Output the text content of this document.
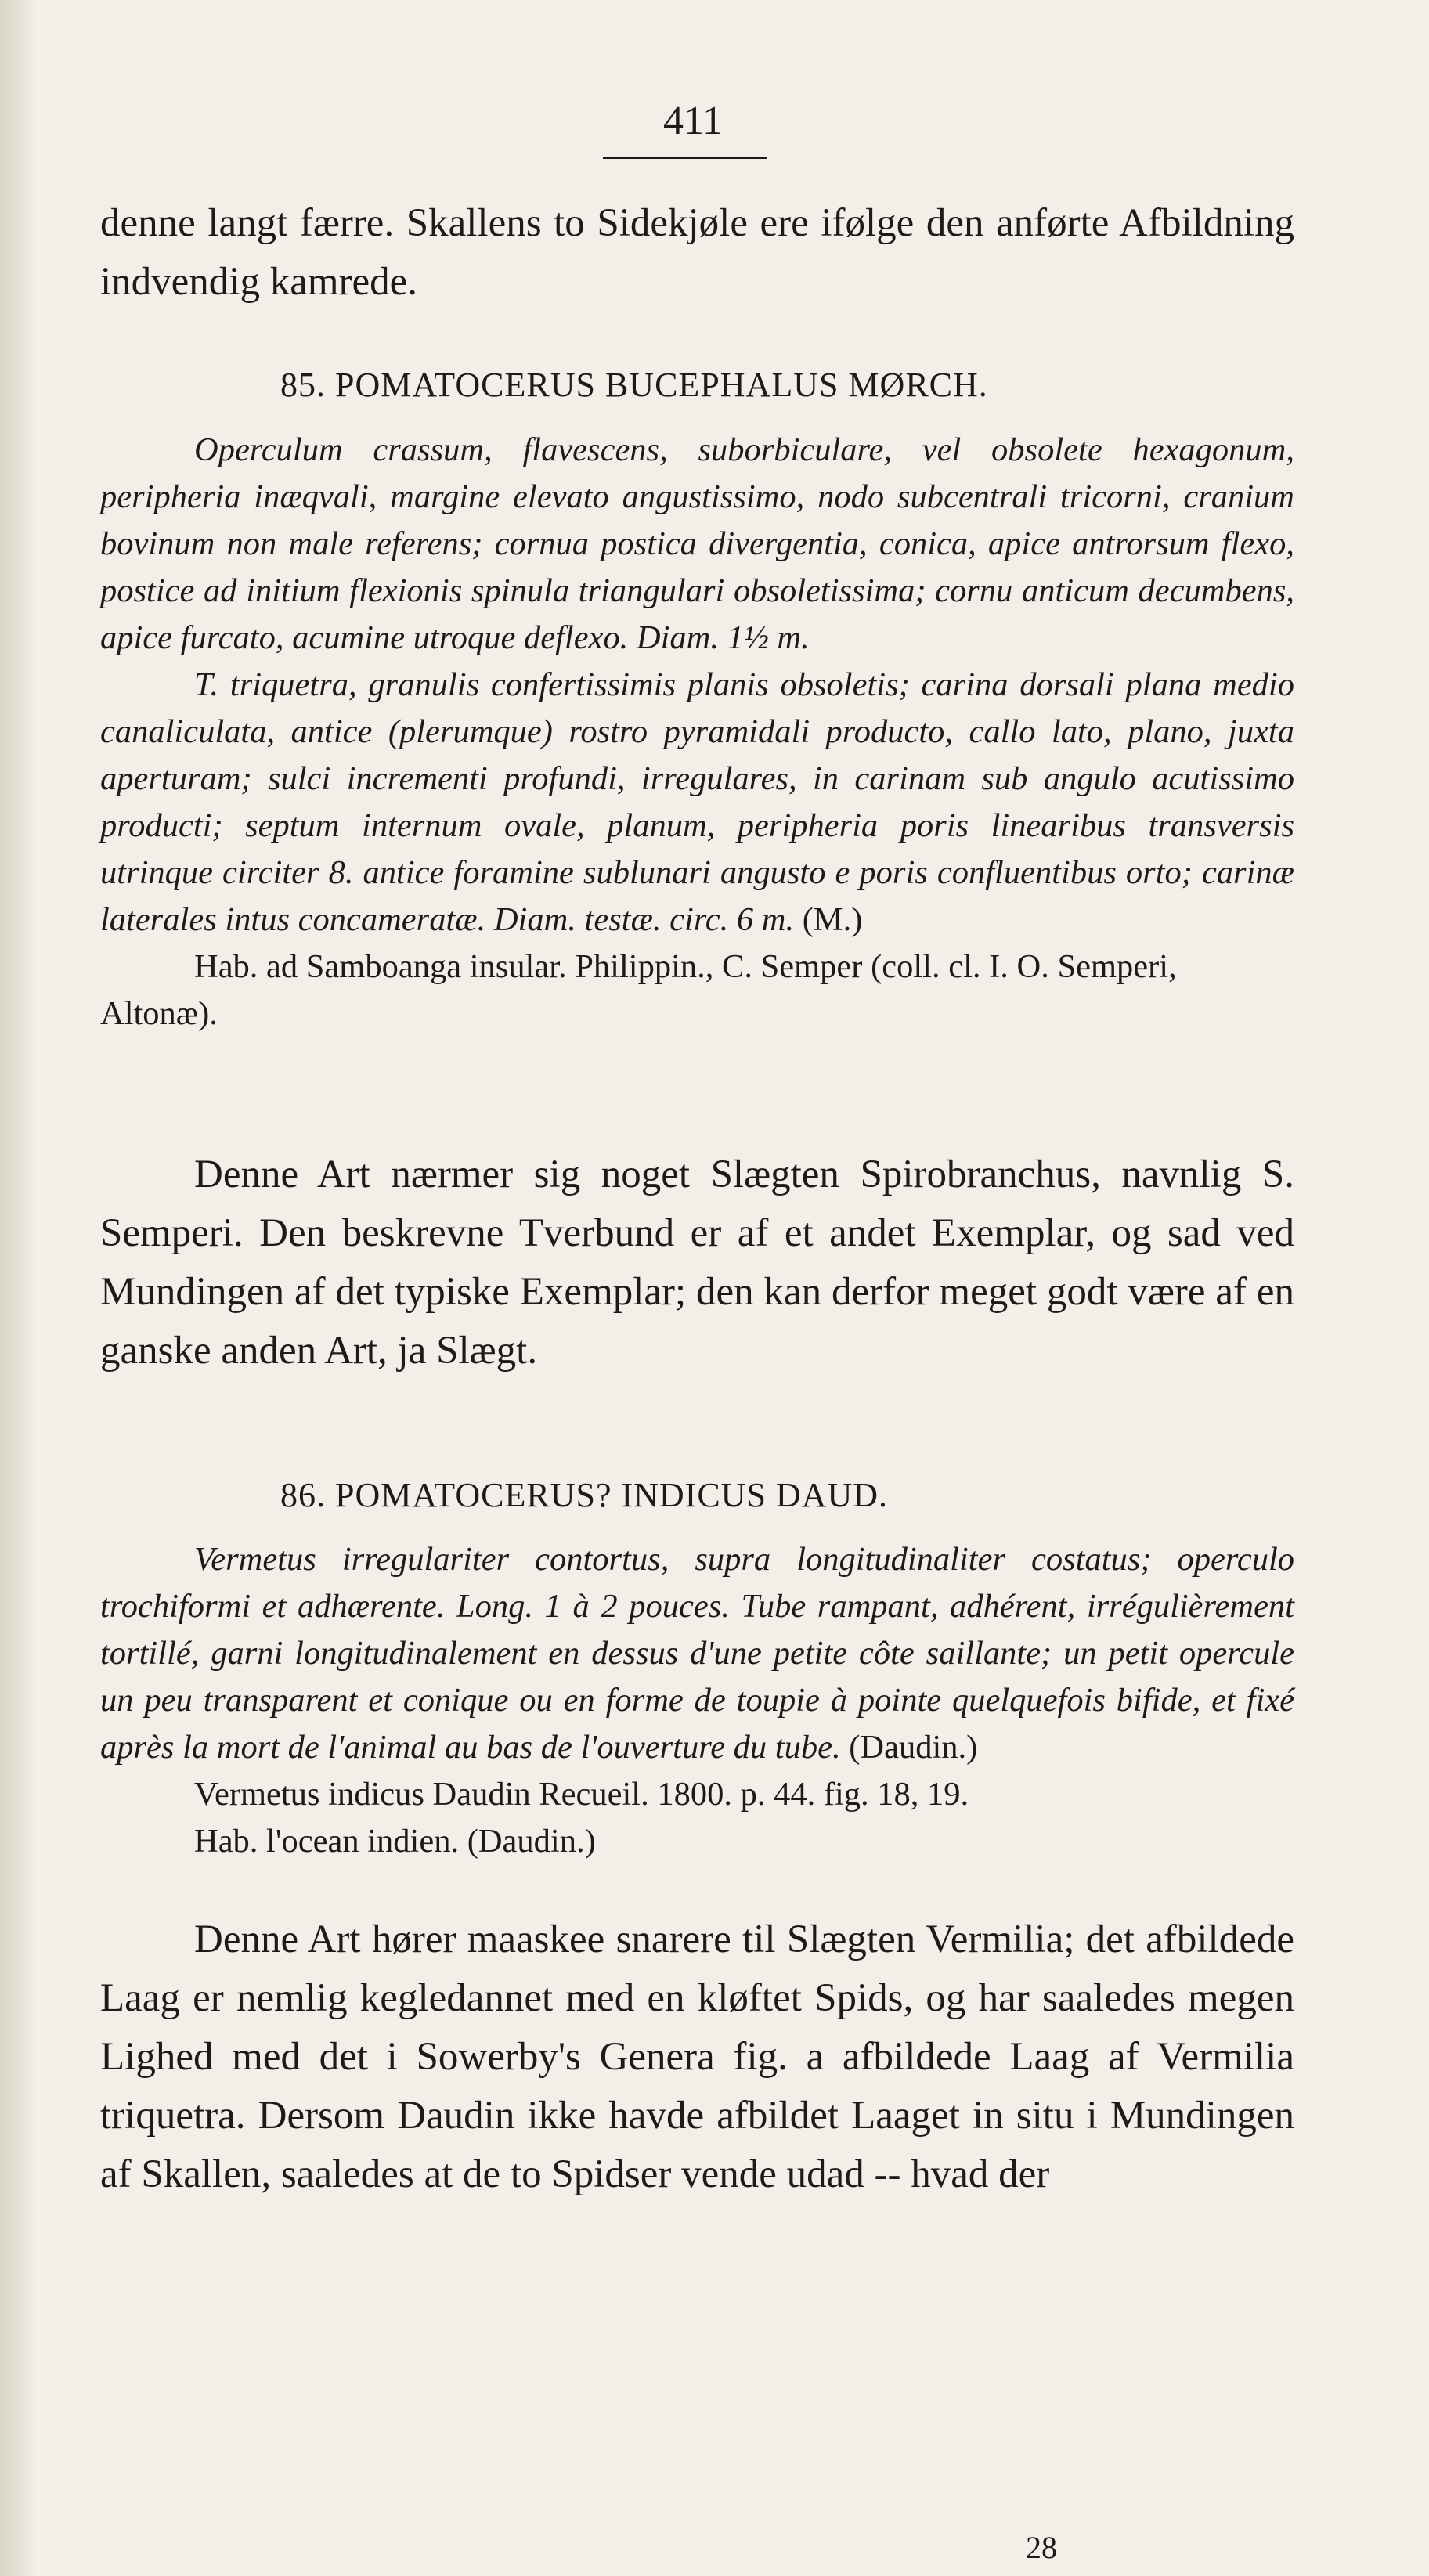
411

denne langt færre. Skallens to Sidekjøle ere ifølge den anførte Afbildning indvendig kamrede.

85. POMATOCERUS BUCEPHALUS MØRCH.

Operculum crassum, flavescens, suborbiculare, vel obsolete hexagonum, peripheria inæqvali, margine elevato angustissimo, nodo subcentrali tricorni, cranium bovinum non male referens; cornua postica divergentia, conica, apice antrorsum flexo, postice ad initium flexionis spinula triangulari obsoletissima; cornu anticum decumbens, apice furcato, acumine utroque deflexo. Diam. 1½ m.

T. triquetra, granulis confertissimis planis obsoletis; carina dorsali plana medio canaliculata, antice (plerumque) rostro pyramidali producto, callo lato, plano, juxta aperturam; sulci incrementi profundi, irregulares, in carinam sub angulo acutissimo producti; septum internum ovale, planum, peripheria poris linearibus transversis utrinque circiter 8. antice foramine sublunari angusto e poris confluentibus orto; carinæ laterales intus concameratæ. Diam. testæ. circ. 6 m. (M.)

Hab. ad Samboanga insular. Philippin., C. Semper (coll. cl. I. O. Semperi, Altonæ).

Denne Art nærmer sig noget Slægten Spirobranchus, navnlig S. Semperi. Den beskrevne Tverbund er af et andet Exemplar, og sad ved Mundingen af det typiske Exemplar; den kan derfor meget godt være af en ganske anden Art, ja Slægt.

86. POMATOCERUS? INDICUS DAUD.

Vermetus irregulariter contortus, supra longitudinaliter costatus; operculo trochiformi et adhærente. Long. 1 à 2 pouces. Tube rampant, adhérent, irrégulièrement tortillé, garni longitudinalement en dessus d'une petite côte saillante; un petit opercule un peu transparent et conique ou en forme de toupie à pointe quelquefois bifide, et fixé après la mort de l'animal au bas de l'ouverture du tube. (Daudin.)

Vermetus indicus Daudin Recueil. 1800. p. 44. fig. 18, 19.

Hab. l'ocean indien. (Daudin.)

Denne Art hører maaskee snarere til Slægten Vermilia; det afbildede Laag er nemlig kegledannet med en kløftet Spids, og har saaledes megen Lighed med det i Sowerby's Genera fig. a afbildede Laag af Vermilia triquetra. Dersom Daudin ikke havde afbildet Laaget in situ i Mundingen af Skallen, saaledes at de to Spidser vende udad -- hvad der

28
